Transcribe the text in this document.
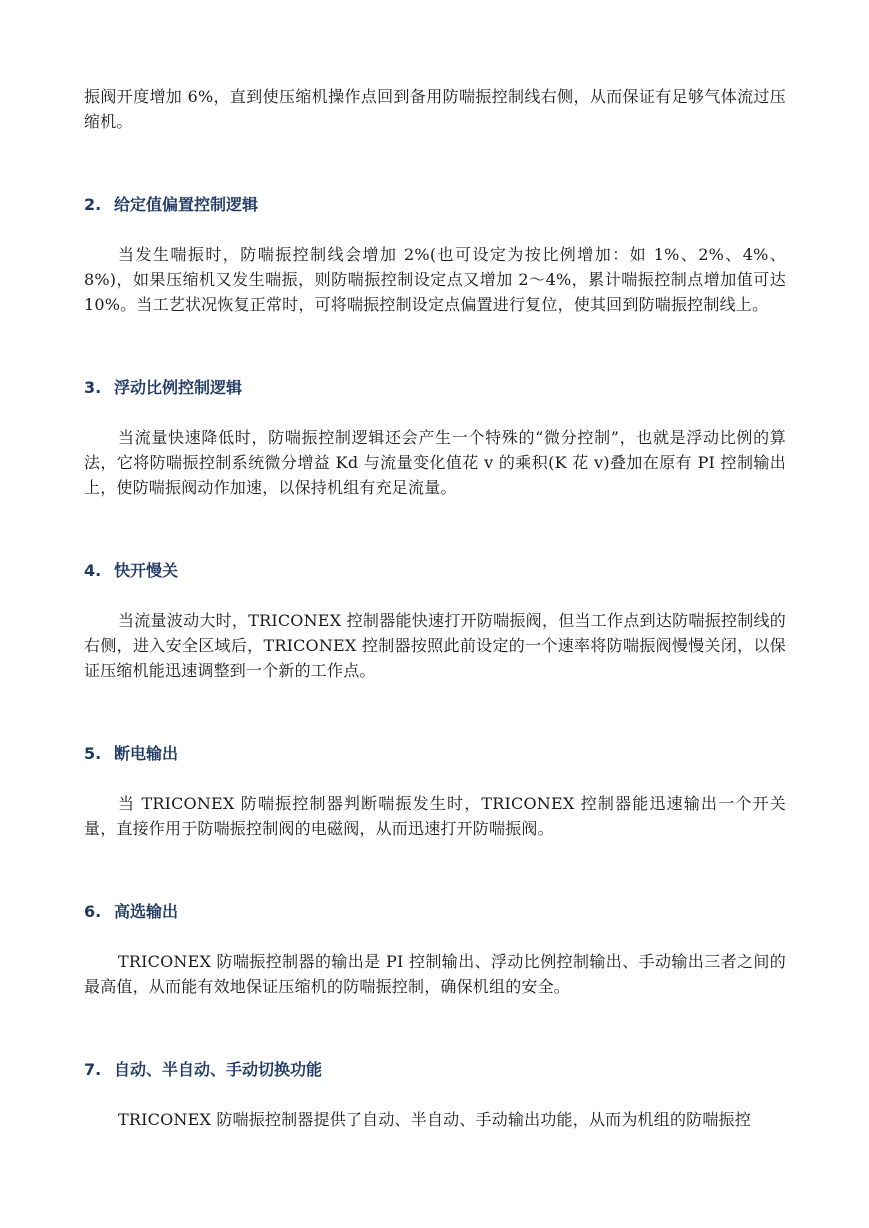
振阀开度增加 6%，直到使压缩机操作点回到备用防喘振控制线右侧，从而保证有足够气体流过压缩机。

2. 给定值偏置控制逻辑

当发生喘振时，防喘振控制线会增加 2%(也可设定为按比例增加：如 1%、2%、4%、8%)，如果压缩机又发生喘振，则防喘振控制设定点又增加 2～4%，累计喘振控制点增加值可达 10%。当工艺状况恢复正常时，可将喘振控制设定点偏置进行复位，使其回到防喘振控制线上。

3. 浮动比例控制逻辑

当流量快速降低时，防喘振控制逻辑还会产生一个特殊的“微分控制”，也就是浮动比例的算法，它将防喘振控制系统微分增益 Kd 与流量变化值花 v 的乘积(K 花 v)叠加在原有 PI 控制输出上，使防喘振阀动作加速，以保持机组有充足流量。

4. 快开慢关

当流量波动大时，TRICONEX 控制器能快速打开防喘振阀，但当工作点到达防喘振控制线的右侧，进入安全区域后，TRICONEX 控制器按照此前设定的一个速率将防喘振阀慢慢关闭，以保证压缩机能迅速调整到一个新的工作点。

5. 断电输出

当 TRICONEX 防喘振控制器判断喘振发生时，TRICONEX 控制器能迅速输出一个开关量，直接作用于防喘振控制阀的电磁阀，从而迅速打开防喘振阀。

6. 高选输出

TRICONEX 防喘振控制器的输出是 PI 控制输出、浮动比例控制输出、手动输出三者之间的最高值，从而能有效地保证压缩机的防喘振控制，确保机组的安全。

7. 自动、半自动、手动切换功能

TRICONEX 防喘振控制器提供了自动、半自动、手动输出功能，从而为机组的防喘振控
